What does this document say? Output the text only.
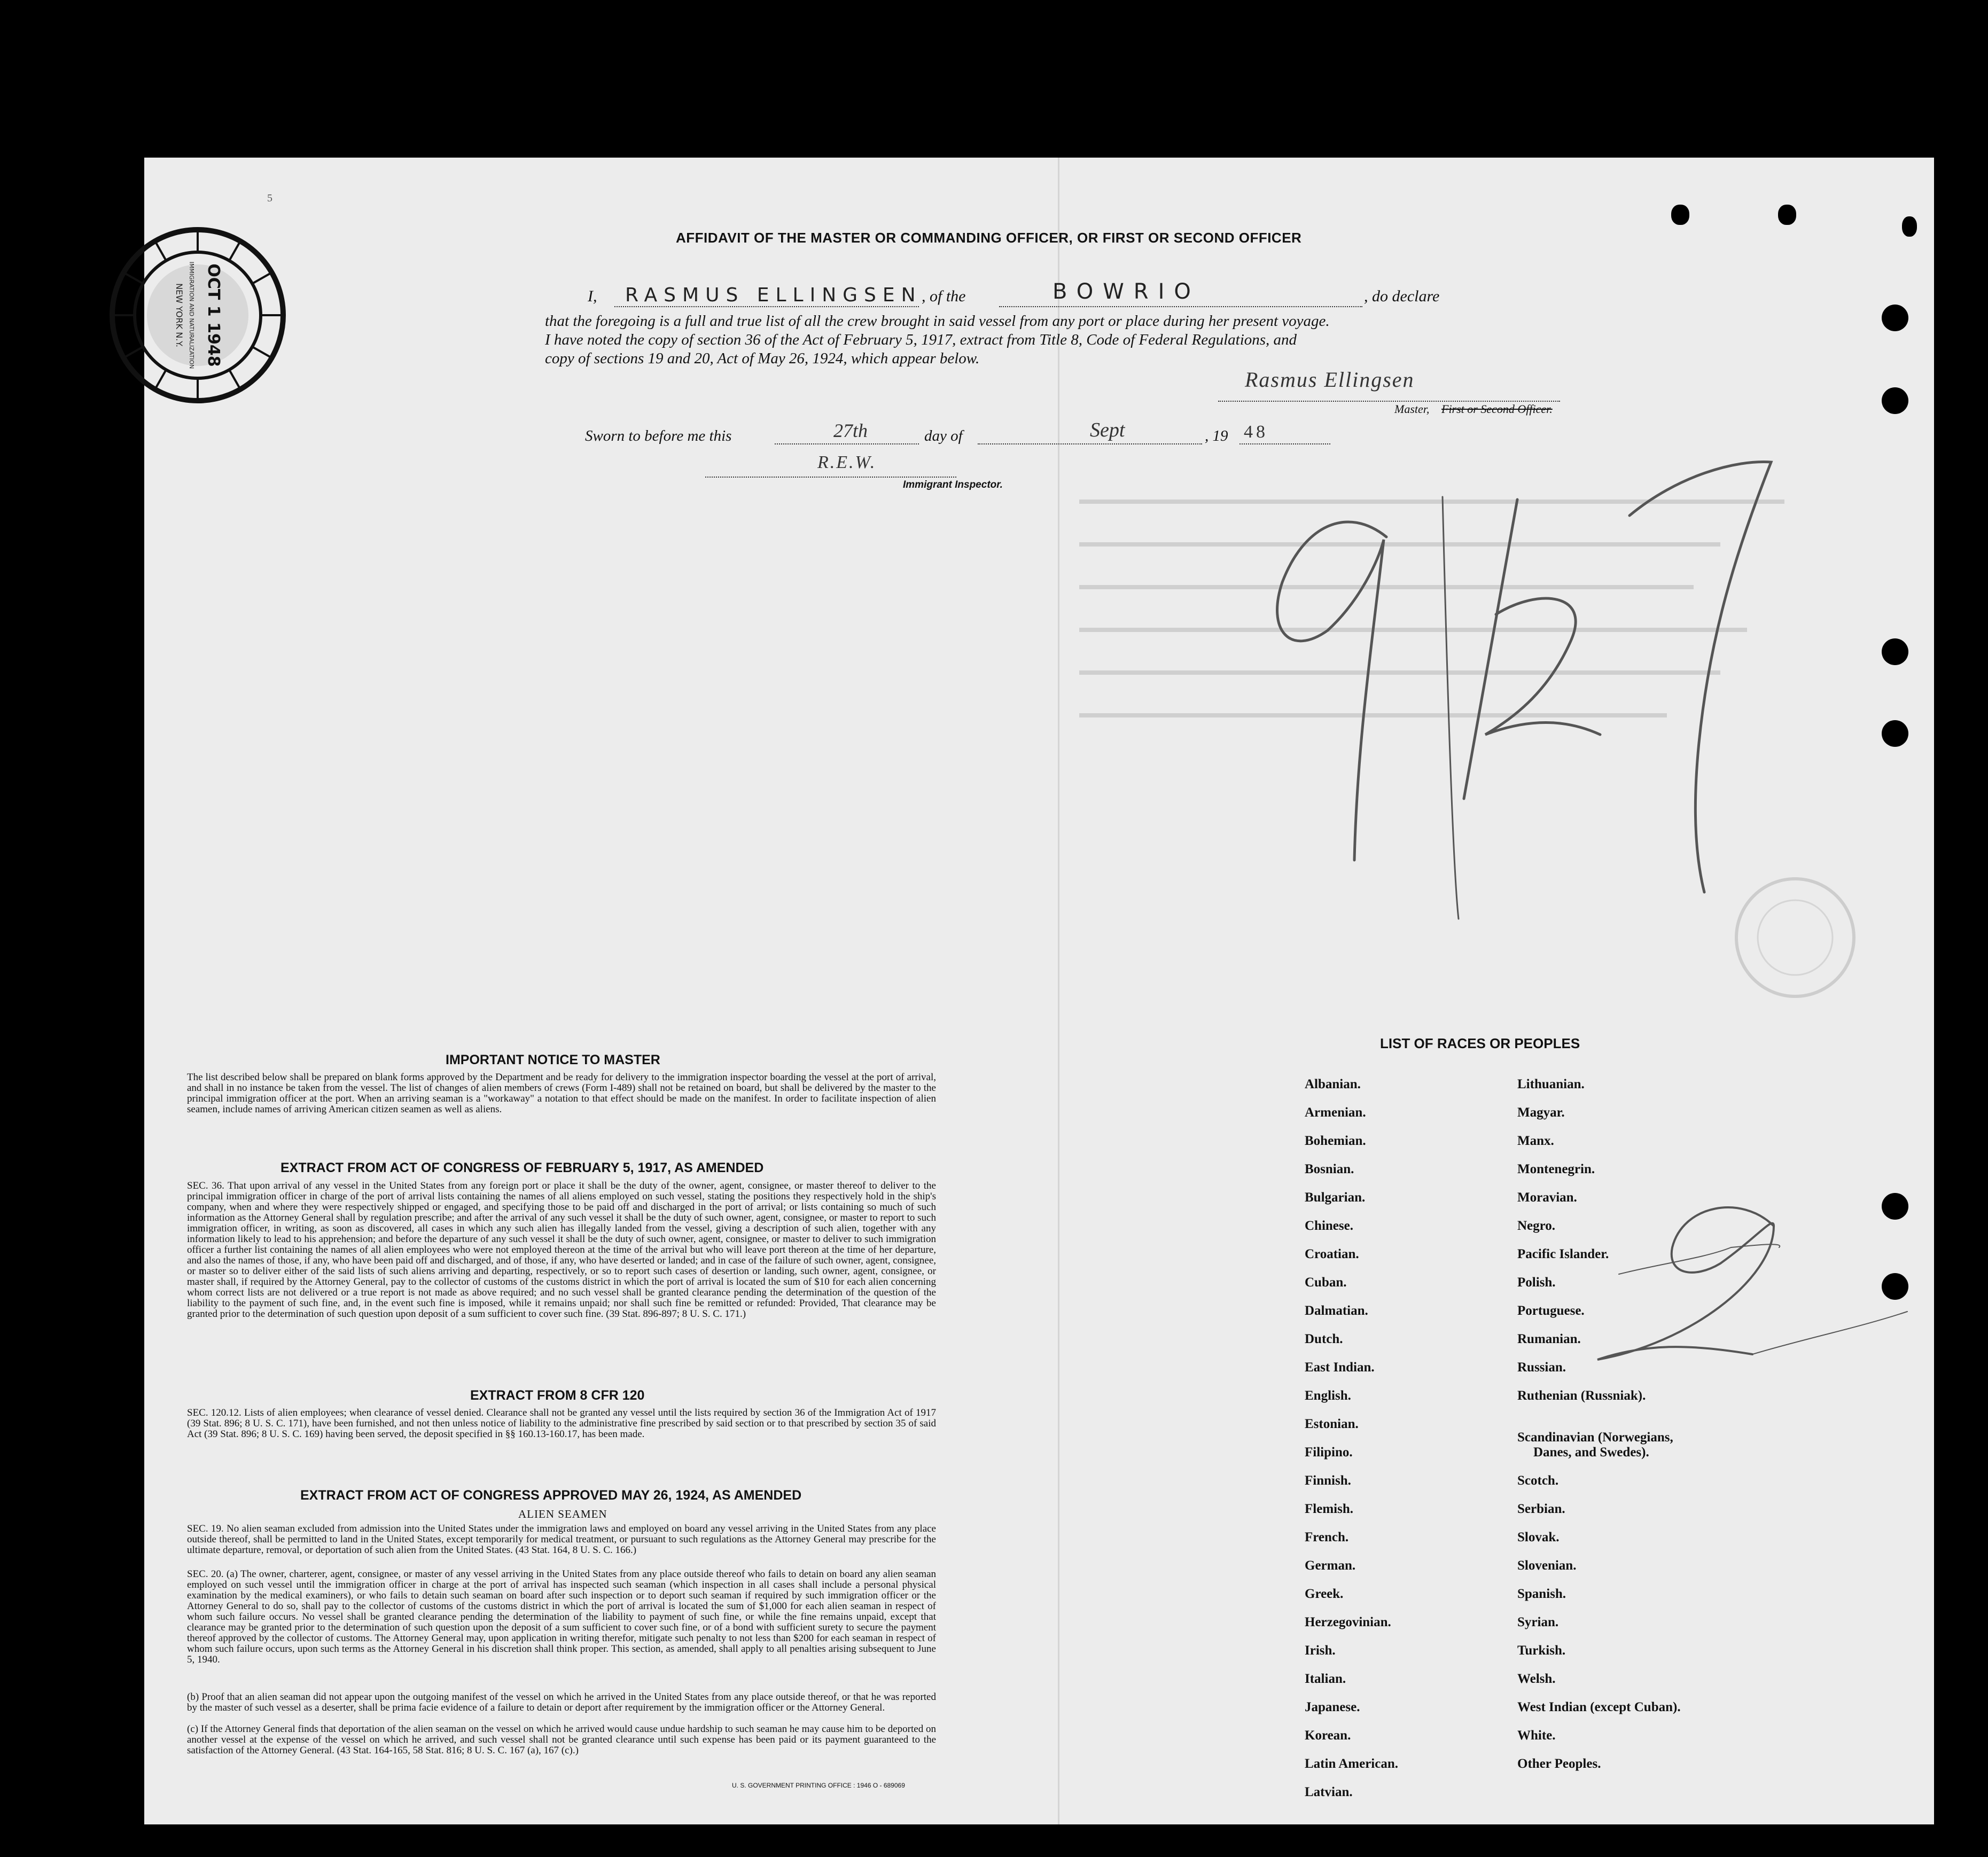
5
AFFIDAVIT OF THE MASTER OR COMMANDING OFFICER, OR FIRST OR SECOND OFFICER
I, RASMUS ELLINGSEN , of the	BOWRIO	, do declare
that the foregoing is a full and true list of all the crew brought in said vessel from any port or place during her present voyage.
I have noted the copy of section 36 of the Act of February 5, 1917, extract from Title 8, Code of Federal Regulations, and
copy of sections 19 and 20, Act of May 26, 1924, which appear below.
Rasmus Ellingsen
Master, First or Second Officer.
Sworn to before me this	27th	day of	Sept	, 19 48
R.E.W.
Immigrant Inspector.
OCT 1 1948
IMMIGRATION AND NATURALIZATION
NEW YORK N.Y.
9/27
2
IMPORTANT NOTICE TO MASTER
The list described below shall be prepared on blank forms approved by the Department and be ready for delivery to the immigration inspector boarding the vessel at the port of arrival, and shall in no instance be taken from the vessel. The list of changes of alien members of crews (Form I-489) shall not be retained on board, but shall be delivered by the master to the principal immigration officer at the port. When an arriving seaman is a "workaway" a notation to that effect should be made on the manifest. In order to facilitate inspection of alien seamen, include names of arriving American citizen seamen as well as aliens.
EXTRACT FROM ACT OF CONGRESS OF FEBRUARY 5, 1917, AS AMENDED
SEC. 36. That upon arrival of any vessel in the United States from any foreign port or place it shall be the duty of the owner, agent, consignee, or master thereof to deliver to the principal immigration officer in charge of the port of arrival lists containing the names of all aliens employed on such vessel, stating the positions they respectively hold in the ship's company, when and where they were respectively shipped or engaged, and specifying those to be paid off and discharged in the port of arrival; or lists containing so much of such information as the Attorney General shall by regulation prescribe; and after the arrival of any such vessel it shall be the duty of such owner, agent, consignee, or master to report to such immigration officer, in writing, as soon as discovered, all cases in which any such alien has illegally landed from the vessel, giving a description of such alien, together with any information likely to lead to his apprehension; and before the departure of any such vessel it shall be the duty of such owner, agent, consignee, or master to deliver to such immigration officer a further list containing the names of all alien employees who were not employed thereon at the time of the arrival but who will leave port thereon at the time of her departure, and also the names of those, if any, who have been paid off and discharged, and of those, if any, who have deserted or landed; and in case of the failure of such owner, agent, consignee, or master so to deliver either of the said lists of such aliens arriving and departing, respectively, or so to report such cases of desertion or landing, such owner, agent, consignee, or master shall, if required by the Attorney General, pay to the collector of customs of the customs district in which the port of arrival is located the sum of $10 for each alien concerning whom correct lists are not delivered or a true report is not made as above required; and no such vessel shall be granted clearance pending the determination of the question of the liability to the payment of such fine, and, in the event such fine is imposed, while it remains unpaid; nor shall such fine be remitted or refunded: Provided, That clearance may be granted prior to the determination of such question upon deposit of a sum sufficient to cover such fine. (39 Stat. 896-897; 8 U. S. C. 171.)
EXTRACT FROM 8 CFR 120
SEC. 120.12. Lists of alien employees; when clearance of vessel denied. Clearance shall not be granted any vessel until the lists required by section 36 of the Immigration Act of 1917 (39 Stat. 896; 8 U. S. C. 171), have been furnished, and not then unless notice of liability to the administrative fine prescribed by said section or to that prescribed by section 35 of said Act (39 Stat. 896; 8 U. S. C. 169) having been served, the deposit specified in §§ 160.13-160.17, has been made.
EXTRACT FROM ACT OF CONGRESS APPROVED MAY 26, 1924, AS AMENDED
ALIEN SEAMEN
SEC. 19. No alien seaman excluded from admission into the United States under the immigration laws and employed on board any vessel arriving in the United States from any place outside thereof, shall be permitted to land in the United States, except temporarily for medical treatment, or pursuant to such regulations as the Attorney General may prescribe for the ultimate departure, removal, or deportation of such alien from the United States. (43 Stat. 164, 8 U. S. C. 166.)
SEC. 20. (a) The owner, charterer, agent, consignee, or master of any vessel arriving in the United States from any place outside thereof who fails to detain on board any alien seaman employed on such vessel until the immigration officer in charge at the port of arrival has inspected such seaman (which inspection in all cases shall include a personal physical examination by the medical examiners), or who fails to detain such seaman on board after such inspection or to deport such seaman if required by such immigration officer or the Attorney General to do so, shall pay to the collector of customs of the customs district in which the port of arrival is located the sum of $1,000 for each alien seaman in respect of whom such failure occurs. No vessel shall be granted clearance pending the determination of the liability to payment of such fine, or while the fine remains unpaid, except that clearance may be granted prior to the determination of such question upon the deposit of a sum sufficient to cover such fine, or of a bond with sufficient surety to secure the payment thereof approved by the collector of customs. The Attorney General may, upon application in writing therefor, mitigate such penalty to not less than $200 for each seaman in respect of whom such failure occurs, upon such terms as the Attorney General in his discretion shall think proper. This section, as amended, shall apply to all penalties arising subsequent to June 5, 1940.
(b) Proof that an alien seaman did not appear upon the outgoing manifest of the vessel on which he arrived in the United States from any place outside thereof, or that he was reported by the master of such vessel as a deserter, shall be prima facie evidence of a failure to detain or deport after requirement by the immigration officer or the Attorney General.
(c) If the Attorney General finds that deportation of the alien seaman on the vessel on which he arrived would cause undue hardship to such seaman he may cause him to be deported on another vessel at the expense of the vessel on which he arrived, and such vessel shall not be granted clearance until such expense has been paid or its payment guaranteed to the satisfaction of the Attorney General. (43 Stat. 164-165, 58 Stat. 816; 8 U. S. C. 167 (a), 167 (c).)
U. S. GOVERNMENT PRINTING OFFICE : 1946 O - 689069
LIST OF RACES OR PEOPLES
Albanian.
Armenian.
Bohemian.
Bosnian.
Bulgarian.
Chinese.
Croatian.
Cuban.
Dalmatian.
Dutch.
East Indian.
English.
Estonian.
Filipino.
Finnish.
Flemish.
French.
German.
Greek.
Herzegovinian.
Irish.
Italian.
Japanese.
Korean.
Latin American.
Latvian.
Lithuanian.
Magyar.
Manx.
Montenegrin.
Moravian.
Negro.
Pacific Islander.
Polish.
Portuguese.
Rumanian.
Russian.
Ruthenian (Russniak).
Scandinavian (Norwegians,
Danes, and Swedes).
Scotch.
Serbian.
Slovak.
Slovenian.
Spanish.
Syrian.
Turkish.
Welsh.
West Indian (except Cuban).
White.
Other Peoples.
